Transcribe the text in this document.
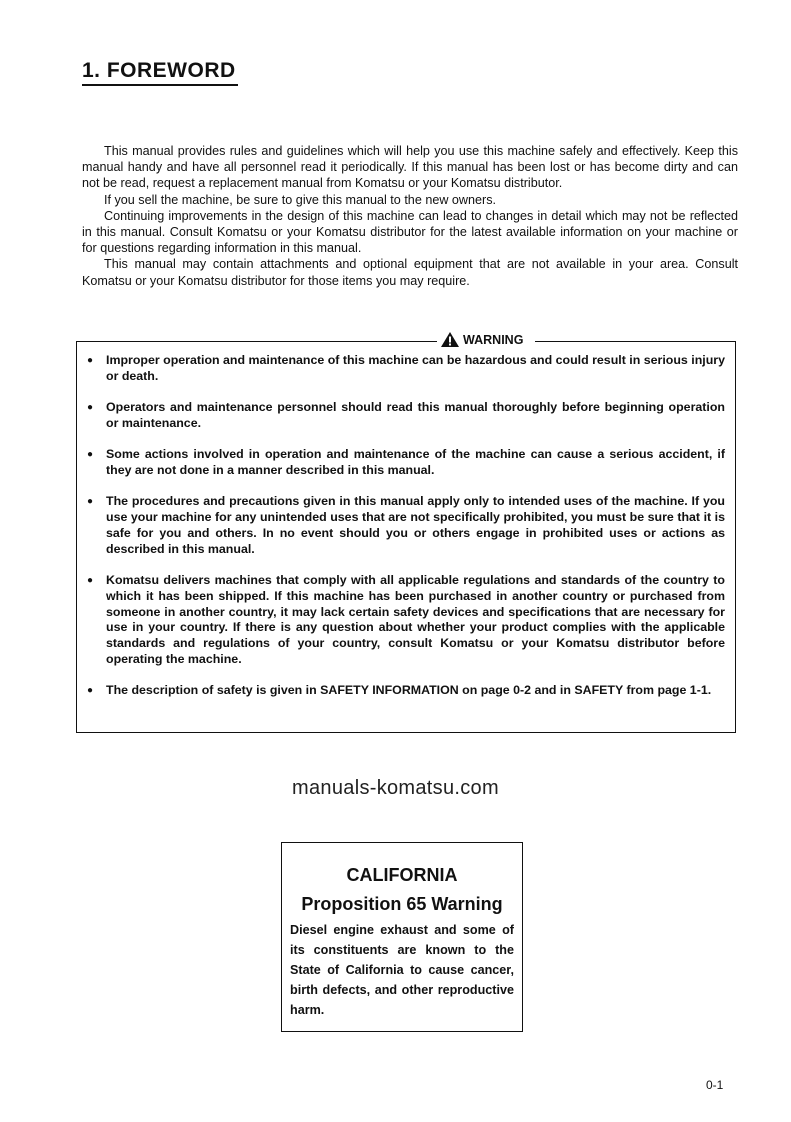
1. FOREWORD

This manual provides rules and guidelines which will help you use this machine safely and effectively. Keep this manual handy and have all personnel read it periodically. If this manual has been lost or has become dirty and can not be read, request a replacement manual from Komatsu or your Komatsu distributor.

If you sell the machine, be sure to give this manual to the new owners.

Continuing improvements in the design of this machine can lead to changes in detail which may not be reflected in this manual. Consult Komatsu or your Komatsu distributor for the latest available information on your machine or for questions regarding information in this manual.

This manual may contain attachments and optional equipment that are not available in your area. Consult Komatsu or your Komatsu distributor for those items you may require.

WARNING
●	Improper operation and maintenance of this machine can be hazardous and could result in serious injury or death.
●	Operators and maintenance personnel should read this manual thoroughly before beginning operation or maintenance.
●	Some actions involved in operation and maintenance of the machine can cause a serious accident, if they are not done in a manner described in this manual.
●	The procedures and precautions given in this manual apply only to intended uses of the machine. If you use your machine for any unintended uses that are not specifically prohibited, you must be sure that it is safe for you and others. In no event should you or others engage in prohibited uses or actions as described in this manual.
●	Komatsu delivers machines that comply with all applicable regulations and standards of the country to which it has been shipped. If this machine has been purchased in another country or purchased from someone in another country, it may lack certain safety devices and specifications that are necessary for use in your country. If there is any question about whether your product complies with the applicable standards and regulations of your country, consult Komatsu or your Komatsu distributor before operating the machine.
●	The description of safety is given in SAFETY INFORMATION on page 0-2 and in SAFETY from page 1-1.
manuals-komatsu.com
CALIFORNIA
Proposition 65 Warning

Diesel engine exhaust and some of its constituents are known to the State of California to cause cancer, birth defects, and other reproductive harm.

0-1
